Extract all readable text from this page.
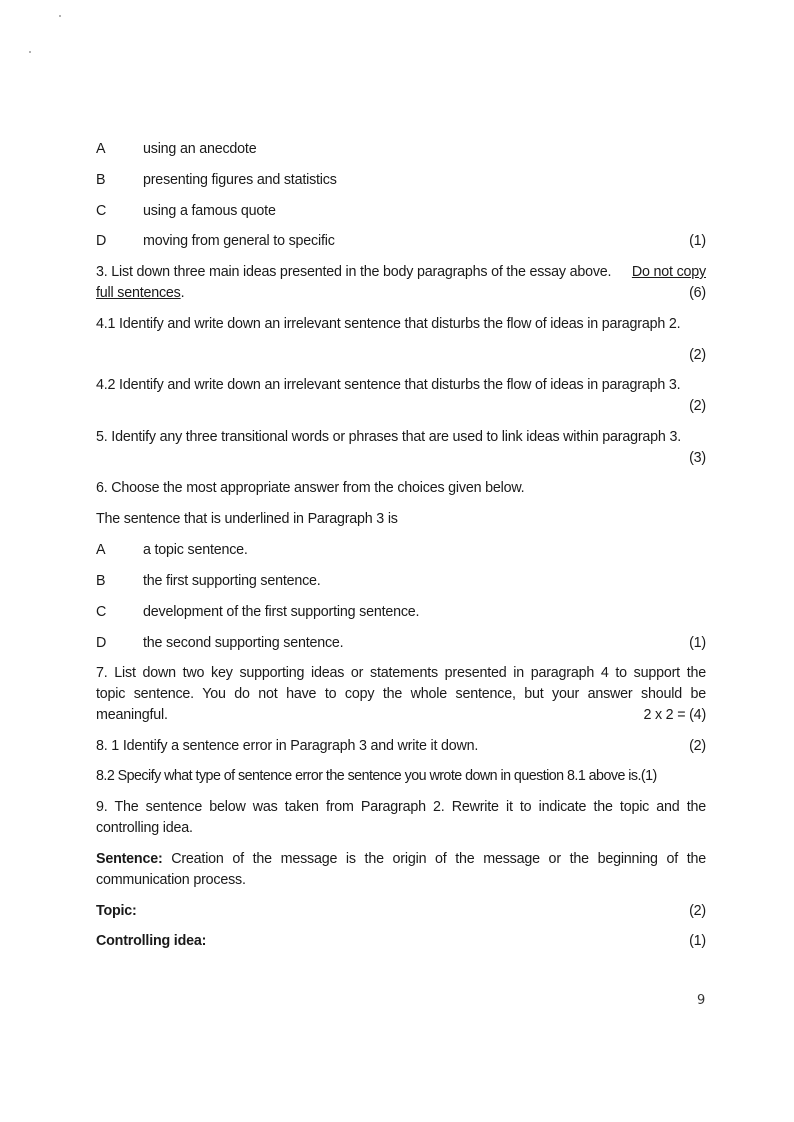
A	using an anecdote
B	presenting figures and statistics
C	using a famous quote
D	moving from general to specific	(1)
3. List down three main ideas presented in the body paragraphs of the essay above. Do not copy
full sentences.	(6)
4.1 Identify and write down an irrelevant sentence that disturbs the flow of ideas in paragraph 2.
(2)
4.2 Identify and write down an irrelevant sentence that disturbs the flow of ideas in paragraph 3.
(2)
5. Identify any three transitional words or phrases that are used to link ideas within paragraph 3.
(3)
6. Choose the most appropriate answer from the choices given below.
The sentence that is underlined in Paragraph 3 is
A	a topic sentence.
B	the first supporting sentence.
C	development of the first supporting sentence.
D	the second supporting sentence.	(1)
7. List down two key supporting ideas or statements presented in paragraph 4 to support the
topic sentence. You do not have to copy the whole sentence, but your answer should be
meaningful.	2 x 2 = (4)
8. 1 Identify a sentence error in Paragraph 3 and write it down.	(2)
8.2 Specify what type of sentence error the sentence you wrote down in question 8.1 above is.(1)
9. The sentence below was taken from Paragraph 2. Rewrite it to indicate the topic and the
controlling idea.
Sentence: Creation of the message is the origin of the message or the beginning of the
communication process.
Topic:	(2)
Controlling idea:	(1)
9
